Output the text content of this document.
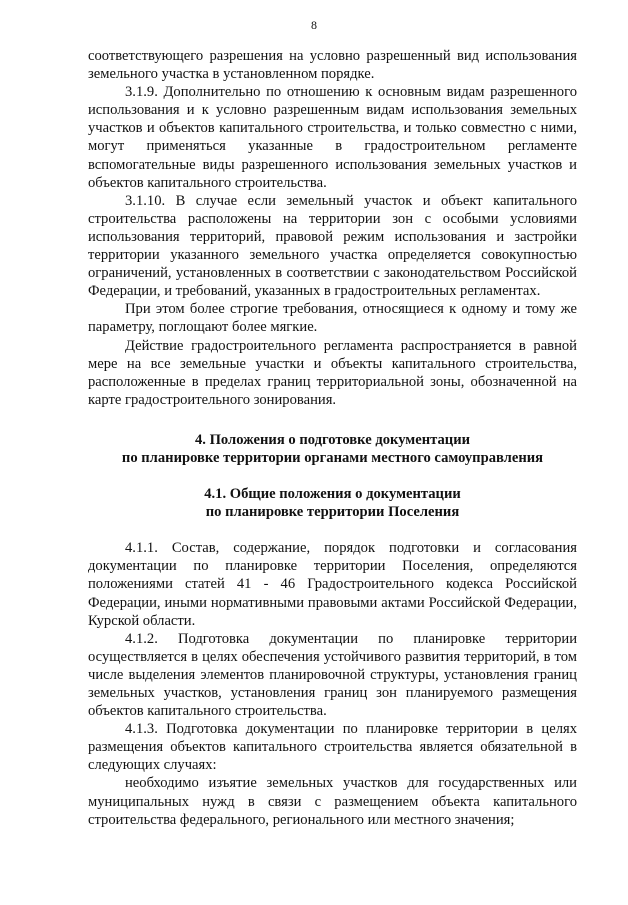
8

соответствующего разрешения на условно разрешенный вид использования земельного участка в установленном порядке.

3.1.9. Дополнительно по отношению к основным видам разрешенного использования и к условно разрешенным видам использования земельных участков и объектов капитального строительства, и только совместно с ними, могут применяться указанные в градостроительном регламенте вспомогательные виды разрешенного использования земельных участков и объектов капитального строительства.

3.1.10. В случае если земельный участок и объект капитального строительства расположены на территории зон с особыми условиями использования территорий, правовой режим использования и застройки территории указанного земельного участка определяется совокупностью ограничений, установленных в соответствии с законодательством Российской Федерации, и требований, указанных в градостроительных регламентах.

При этом более строгие требования, относящиеся к одному и тому же параметру, поглощают более мягкие.

Действие градостроительного регламента распространяется в равной мере на все земельные участки и объекты капитального строительства, расположенные в пределах границ территориальной зоны, обозначенной на карте градостроительного зонирования.

4. Положения о подготовке документации

по планировке территории органами местного самоуправления

4.1. Общие положения о документации

по планировке территории Поселения

4.1.1. Состав, содержание, порядок подготовки и согласования документации по планировке территории Поселения, определяются положениями статей 41 - 46 Градостроительного кодекса Российской Федерации, иными нормативными правовыми актами Российской Федерации, Курской области.

4.1.2. Подготовка документации по планировке территории осуществляется в целях обеспечения устойчивого развития территорий, в том числе выделения элементов планировочной структуры, установления границ земельных участков, установления границ зон планируемого размещения объектов капитального строительства.

4.1.3. Подготовка документации по планировке территории в целях размещения объектов капитального строительства является обязательной в следующих случаях:

необходимо изъятие земельных участков для государственных или муниципальных нужд в связи с размещением объекта капитального строительства федерального, регионального или местного значения;
